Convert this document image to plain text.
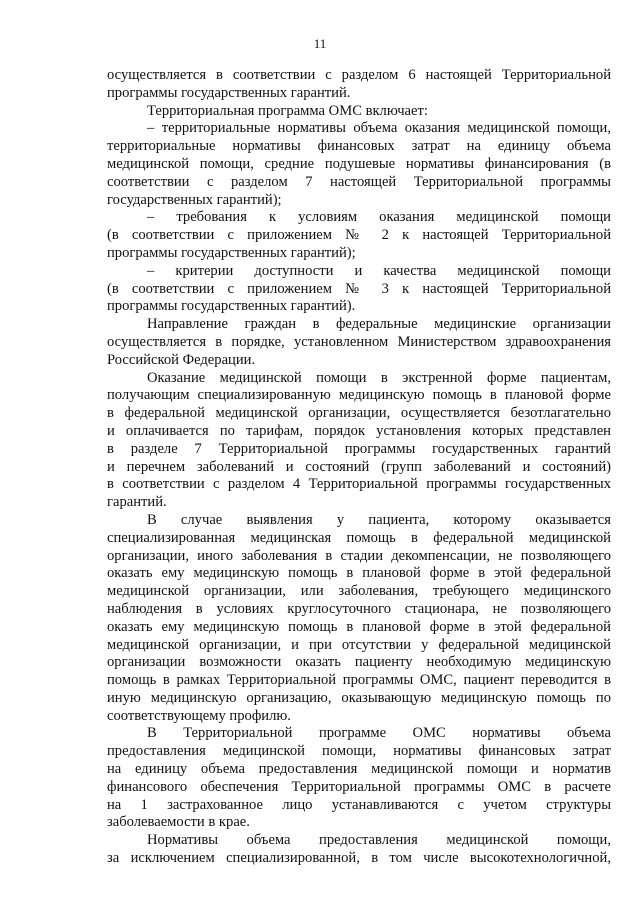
11
осуществляется в соответствии с разделом 6 настоящей Территориальной
программы государственных гарантий.
Территориальная программа ОМС включает:
– территориальные нормативы объема оказания медицинской помощи,
территориальные нормативы финансовых затрат на единицу объема
медицинской помощи, средние подушевые нормативы финансирования (в
соответствии с разделом 7 настоящей Территориальной программы
государственных гарантий);
– требования к условиям оказания медицинской помощи
(в соответствии с приложением № 2 к настоящей Территориальной
программы государственных гарантий);
– критерии доступности и качества медицинской помощи
(в соответствии с приложением № 3 к настоящей Территориальной
программы государственных гарантий).
Направление граждан в федеральные медицинские организации
осуществляется в порядке, установленном Министерством здравоохранения
Российской Федерации.
Оказание медицинской помощи в экстренной форме пациентам,
получающим специализированную медицинскую помощь в плановой форме
в федеральной медицинской организации, осуществляется безотлагательно
и оплачивается по тарифам, порядок установления которых представлен
в разделе 7 Территориальной программы государственных гарантий
и перечнем заболеваний и состояний (групп заболеваний и состояний)
в соответствии с разделом 4 Территориальной программы государственных
гарантий.
В случае выявления у пациента, которому оказывается
специализированная медицинская помощь в федеральной медицинской
организации, иного заболевания в стадии декомпенсации, не позволяющего
оказать ему медицинскую помощь в плановой форме в этой федеральной
медицинской организации, или заболевания, требующего медицинского
наблюдения в условиях круглосуточного стационара, не позволяющего
оказать ему медицинскую помощь в плановой форме в этой федеральной
медицинской организации, и при отсутствии у федеральной медицинской
организации возможности оказать пациенту необходимую медицинскую
помощь в рамках Территориальной программы ОМС, пациент переводится в
иную медицинскую организацию, оказывающую медицинскую помощь по
соответствующему профилю.
В Территориальной программе ОМС нормативы объема
предоставления медицинской помощи, нормативы финансовых затрат
на единицу объема предоставления медицинской помощи и норматив
финансового обеспечения Территориальной программы ОМС в расчете
на 1 застрахованное лицо устанавливаются с учетом структуры
заболеваемости в крае.
Нормативы объема предоставления медицинской помощи,
за исключением специализированной, в том числе высокотехнологичной,
